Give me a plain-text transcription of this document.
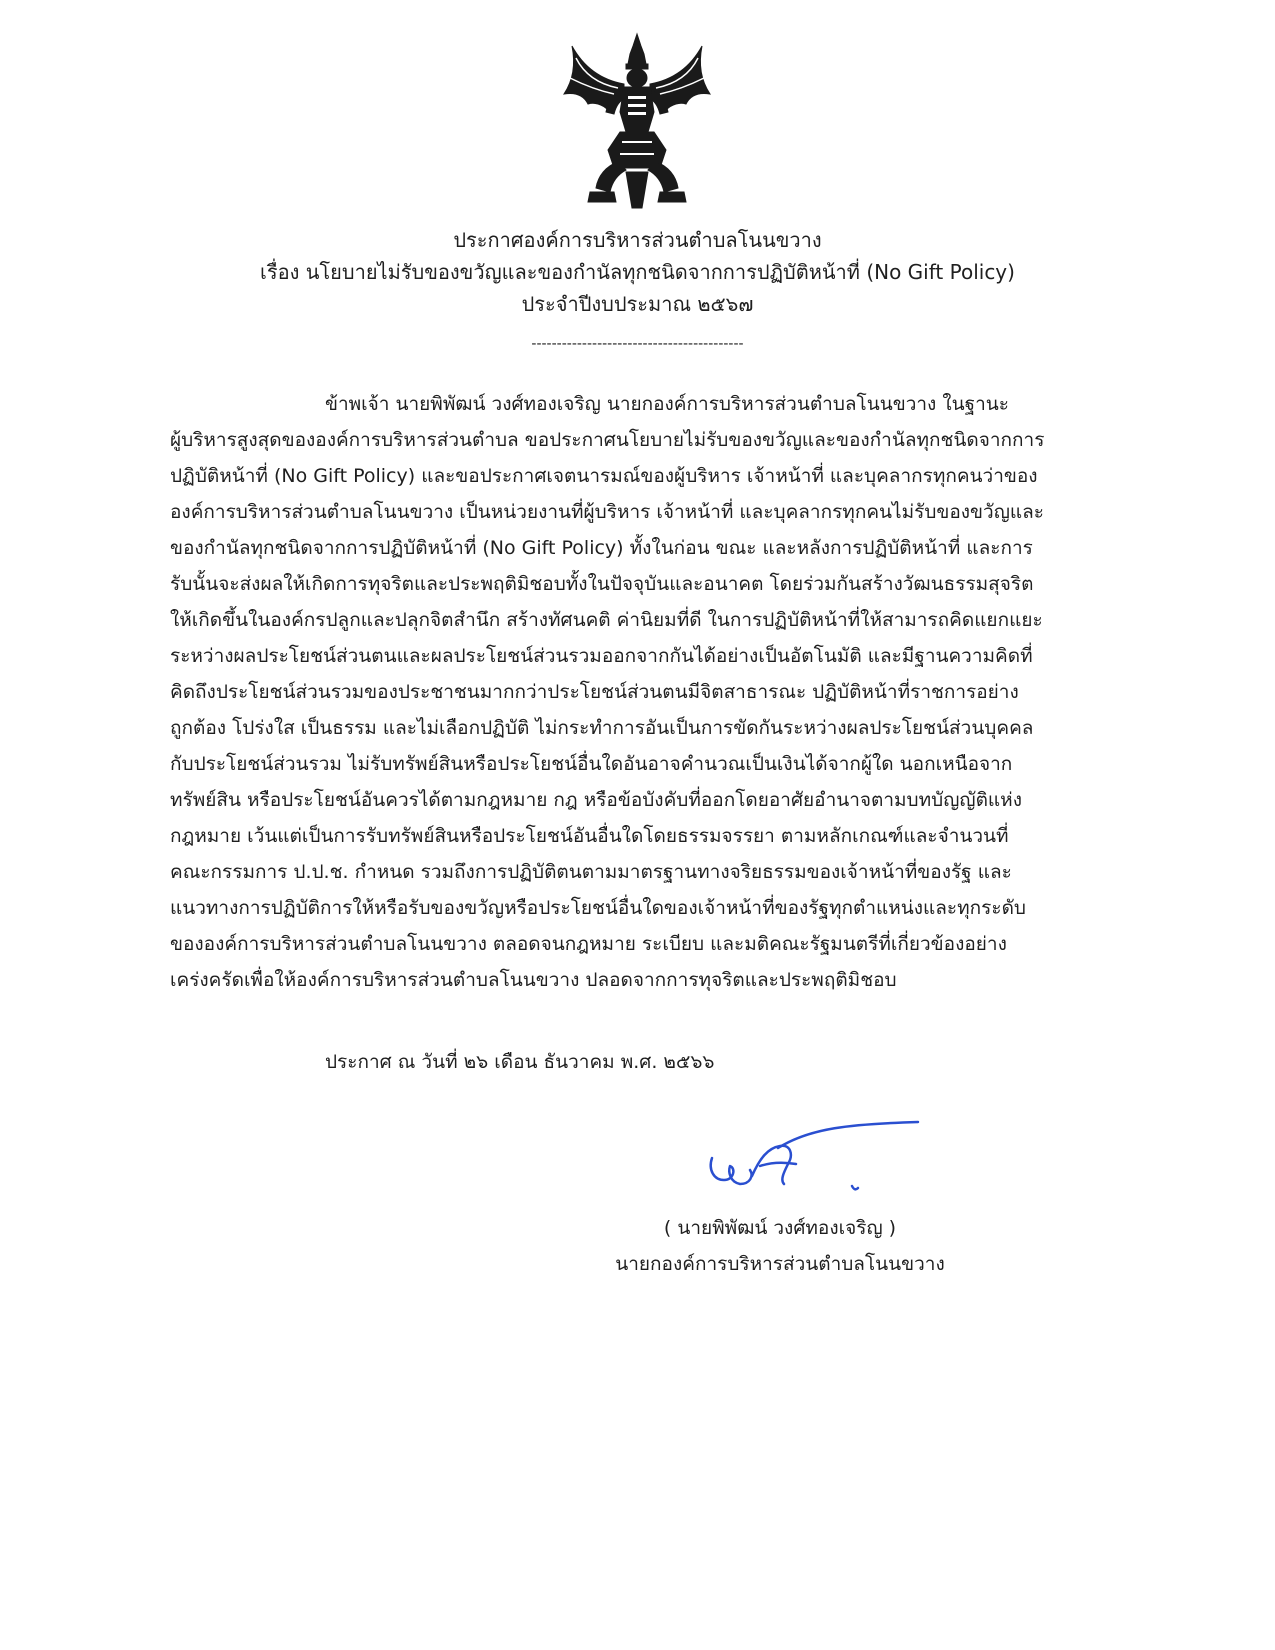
ประกาศองค์การบริหารส่วนตำบลโนนขวาง
เรื่อง นโยบายไม่รับของขวัญและของกำนัลทุกชนิดจากการปฏิบัติหน้าที่ (No Gift Policy)
ประจำปีงบประมาณ ๒๕๖๗
------------------------------------------
ข้าพเจ้า นายพิพัฒน์ วงศ์ทองเจริญ นายกองค์การบริหารส่วนตำบลโนนขวาง ในฐานะ
ผู้บริหารสูงสุดขององค์การบริหารส่วนตำบล ขอประกาศนโยบายไม่รับของขวัญและของกำนัลทุกชนิดจากการ
ปฏิบัติหน้าที่ (No Gift Policy) และขอประกาศเจตนารมณ์ของผู้บริหาร เจ้าหน้าที่ และบุคลากรทุกคนว่าของ
องค์การบริหารส่วนตำบลโนนขวาง เป็นหน่วยงานที่ผู้บริหาร เจ้าหน้าที่ และบุคลากรทุกคนไม่รับของขวัญและ
ของกำนัลทุกชนิดจากการปฏิบัติหน้าที่ (No Gift Policy) ทั้งในก่อน ขณะ และหลังการปฏิบัติหน้าที่ และการ
รับนั้นจะส่งผลให้เกิดการทุจริตและประพฤติมิชอบทั้งในปัจจุบันและอนาคต โดยร่วมกันสร้างวัฒนธรรมสุจริต
ให้เกิดขึ้นในองค์กรปลูกและปลุกจิตสำนึก สร้างทัศนคติ ค่านิยมที่ดี ในการปฏิบัติหน้าที่ให้สามารถคิดแยกแยะ
ระหว่างผลประโยชน์ส่วนตนและผลประโยชน์ส่วนรวมออกจากกันได้อย่างเป็นอัตโนมัติ และมีฐานความคิดที่
คิดถึงประโยชน์ส่วนรวมของประชาชนมากกว่าประโยชน์ส่วนตนมีจิตสาธารณะ ปฏิบัติหน้าที่ราชการอย่าง
ถูกต้อง โปร่งใส เป็นธรรม และไม่เลือกปฏิบัติ ไม่กระทำการอันเป็นการขัดกันระหว่างผลประโยชน์ส่วนบุคคล
กับประโยชน์ส่วนรวม ไม่รับทรัพย์สินหรือประโยชน์อื่นใดอันอาจคำนวณเป็นเงินได้จากผู้ใด นอกเหนือจาก
ทรัพย์สิน หรือประโยชน์อันควรได้ตามกฎหมาย กฎ หรือข้อบังคับที่ออกโดยอาศัยอำนาจตามบทบัญญัติแห่ง
กฎหมาย เว้นแต่เป็นการรับทรัพย์สินหรือประโยชน์อันอื่นใดโดยธรรมจรรยา ตามหลักเกณฑ์และจำนวนที่
คณะกรรมการ ป.ป.ช. กำหนด รวมถึงการปฏิบัติตนตามมาตรฐานทางจริยธรรมของเจ้าหน้าที่ของรัฐ และ
แนวทางการปฏิบัติการให้หรือรับของขวัญหรือประโยชน์อื่นใดของเจ้าหน้าที่ของรัฐทุกตำแหน่งและทุกระดับ
ขององค์การบริหารส่วนตำบลโนนขวาง ตลอดจนกฎหมาย ระเบียบ และมติคณะรัฐมนตรีที่เกี่ยวข้องอย่าง
เคร่งครัดเพื่อให้องค์การบริหารส่วนตำบลโนนขวาง ปลอดจากการทุจริตและประพฤติมิชอบ
ประกาศ ณ วันที่ ๒๖ เดือน ธันวาคม พ.ศ. ๒๕๖๖
( นายพิพัฒน์ วงศ์ทองเจริญ )
นายกองค์การบริหารส่วนตำบลโนนขวาง
